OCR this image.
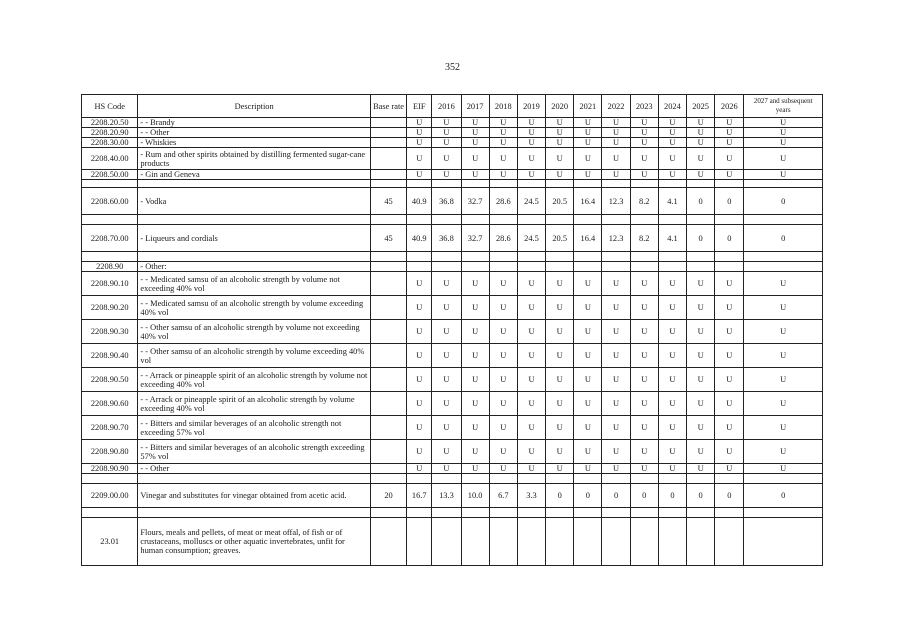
352
HS Code	Description	Base rate	EIF	2016	2017	2018	2019	2020	2021	2022	2023	2024	2025	2026	2027 and subsequent years
2208.20.50	- - Brandy		U	U	U	U	U	U	U	U	U	U	U	U	U
2208.20.90	- - Other		U	U	U	U	U	U	U	U	U	U	U	U	U
2208.30.00	- Whiskies		U	U	U	U	U	U	U	U	U	U	U	U	U
2208.40.00	- Rum and other spirits obtained by distilling fermented sugar-cane products		U	U	U	U	U	U	U	U	U	U	U	U	U
2208.50.00	- Gin and Geneva		U	U	U	U	U	U	U	U	U	U	U	U	U

2208.60.00	- Vodka	45	40.9	36.8	32.7	28.6	24.5	20.5	16.4	12.3	8.2	4.1	0	0	0

2208.70.00	- Liqueurs and cordials	45	40.9	36.8	32.7	28.6	24.5	20.5	16.4	12.3	8.2	4.1	0	0	0

2208.90	- Other:														
2208.90.10	- - Medicated samsu of an alcoholic strength by volume not exceeding 40% vol		U	U	U	U	U	U	U	U	U	U	U	U	U
2208.90.20	- - Medicated samsu of an alcoholic strength by volume exceeding 40% vol		U	U	U	U	U	U	U	U	U	U	U	U	U
2208.90.30	- - Other samsu of an alcoholic strength by volume not exceeding 40% vol		U	U	U	U	U	U	U	U	U	U	U	U	U
2208.90.40	- - Other samsu of an alcoholic strength by volume exceeding 40% vol		U	U	U	U	U	U	U	U	U	U	U	U	U
2208.90.50	- - Arrack or pineapple spirit of an alcoholic strength by volume not exceeding 40% vol		U	U	U	U	U	U	U	U	U	U	U	U	U
2208.90.60	- - Arrack or pineapple spirit of an alcoholic strength by volume exceeding 40% vol		U	U	U	U	U	U	U	U	U	U	U	U	U
2208.90.70	- - Bitters and similar beverages of an alcoholic strength not exceeding 57% vol		U	U	U	U	U	U	U	U	U	U	U	U	U
2208.90.80	- - Bitters and similar beverages of an alcoholic strength exceeding 57% vol		U	U	U	U	U	U	U	U	U	U	U	U	U
2208.90.90	- - Other		U	U	U	U	U	U	U	U	U	U	U	U	U

2209.00.00	Vinegar and substitutes for vinegar obtained from acetic acid.	20	16.7	13.3	10.0	6.7	3.3	0	0	0	0	0	0	0	0

23.01	Flours, meals and pellets, of meat or meat offal, of fish or of crustaceans, molluscs or other aquatic invertebrates, unfit for human consumption; greaves.														
